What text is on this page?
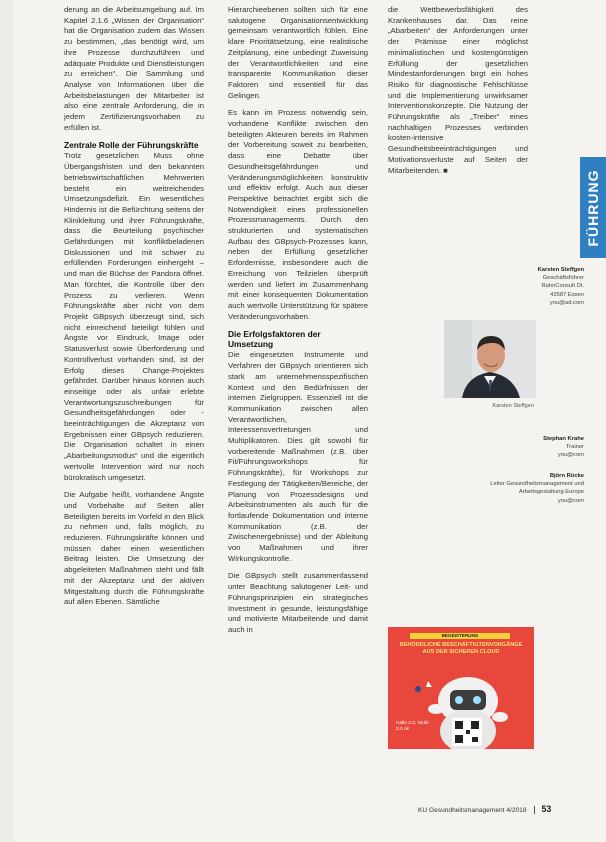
derung an die Arbeitsumgebung auf. Im Kapitel 2.1.6 „Wissen der Organisation“ hat die Organisation zudem das Wissen zu bestimmen, „das benötigt wird, um ihre Prozesse durchzuführen und adäquate Produkte und Dienstleistungen zu erreichen“. Die Sammlung und Analyse von Informationen über die Arbeitsbelastungen der Mitarbeiter ist also eine zentrale Anforderung, die in jedem Zertifizierungsvorhaben zu erfüllen ist.

Zentrale Rolle der Führungskräfte

Trotz gesetzlichen Muss ohne Übergangsfristen und den bekannten betriebswirtschaftlichen Mehrwerten besteht ein weitreichendes Umsetzungsdefizit. Ein wesentliches Hindernis ist die Befürchtung seitens der Klinikleitung und ihrer Führungskräfte, dass die Beurteilung psychischer Gefährdungen mit konfliktbeladenen Diskussionen und mit schwer zu erfüllenden Forderungen einhergeht – und man die Büchse der Pandora öffnet. Man fürchtet, die Kontrolle über den Prozess zu verlieren. Wenn Führungskräfte aber nicht von dem Projekt GBpsych überzeugt sind, sich nicht einreichend beteiligt fühlen und Ängste vor Eindruck, Image oder Statusverlust sowie Überforderung und Kontrollverlust vorhanden sind, ist der Erfolg dieses Change-Projektes gefährdet. Darüber hinaus können auch einseitige oder als unfair erlebte Verantwortungszuschreibungen für Gesundheitsgefährdungen oder -beeinträchtigungen die Akzeptanz von Ergebnissen einer GBpsych reduzieren. Die Organisation schaltet in einen „Abarbeitungsmodus“ und die eigentlich wertvolle Intervention wird nur noch bürokratisch umgesetzt.

Die Aufgabe heißt, vorhandene Ängste und Vorbehalte auf Seiten aller Beteiligten bereits im Vorfeld in den Blick zu nehmen und, falls möglich, zu reduzieren. Führungskräfte können und müssen daher einen wesentlichen Beitrag leisten. Die Umsetzung der abgeleiteten Maßnahmen steht und fällt mit der Akzeptanz und der aktiven Mitgestaltung durch die Führungskräfte auf allen Ebenen. Sämtliche

Hierarchieebenen sollten sich für eine salutogene Organisationsentwicklung gemeinsam verantwortlich fühlen. Eine klare Prioritätsetzung, eine realistische Zeitplanung, eine unbedingt Zuweisung der Verantwortlichkeiten und eine transparente Kommunikation dieser Faktoren sind essentiell für das Gelingen.

Es kann im Prozess notwendig sein, vorhandene Konflikte zwischen den beteiligten Akteuren bereits im Rahmen der Vorbereitung soweit zu bearbeiten, dass eine Debatte über Gesundheitsgefährdungen und Veränderungsmöglichkeiten konstruktiv und effektiv erfolgt. Auch aus dieser Perspektive betrachtet ergibt sich die Notwendigkeit eines professionellen Prozessmanagements. Durch den strukturierten und systematischen Aufbau des GBpsych-Prozesses kann, neben der Erfüllung gesetzlicher Erfordernisse, insbesondere auch die Erreichung von Teilzielen überprüft werden und liefert im Zusammenhang mit einer konsequenten Dokumentation auch wertvolle Unterstützung für spätere Veränderungsvorhaben.

Die Erfolgsfaktoren der Umsetzung

Die eingesetzten Instrumente und Verfahren der GBpsych orientieren sich stark am unternehmensspezifischen Kontext und den Bedürfnissen der internen Zielgruppen. Essenziell ist die Kommunikation zwischen allen Verantwortlichen, Interessensvertretungen und Multiplikatoren. Dies gilt sowohl für vorbereitende Maßnahmen (z.B. über Fit/Führungsworkshops für Führungskräfte), für Workshops zur Festlegung der Tätigkeiten/Bereiche, der Planung von Prozessdesigns und Arbeitsinstrumenten als auch für die fortlaufende Dokumentation und interne Kommunikation (z.B. der Zwischenergebnisse) und der Ableitung von Maßnahmen und ihrer Wirkungskontrolle.

Die GBpsych stellt zusammenfassend unter Beachtung salutogener Leit- und Führungsprinzipien ein strategisches Investment in gesunde, leistungsfähige und motivierte Mitarbeitende und damit auch in

die Wettbewerbsfähigkeit des Krankenhauses dar. Das reine „Abarbeiten“ der Anforderungen unter der Prämisse einer möglichst minimalistischen und kostengünstigen Erfüllung der gesetzlichen Mindestanforderungen birgt ein hohes Risiko für diagnostische Fehlschlüsse und die Implementierung unwirksamer Interventionskonzepte. Die Nutzung der Führungskräfte als „Treiber“ eines nachhaltigen Prozesses verbinden kosten-intensive Gesundheitsbeeinträchtigungen und Motivationsverluste auf Seiten der Mitarbeitenden. ■	FÜHRUNG
Karsten Steffgen
Geschäftsführer
RahnConsult Dt.
43587 Essen
you@ad.com
Karsten Steffgen
Stephan Krahe
Trainer
you@com
Björn Rücke
Leiter Gesundheitsmanagement und
Arbeitsgestaltung Europe
you@com
BEGEISTERUNG
BEHÖRDLICHE BESCHÄFTIGTENVORGÄNGE AUS DER SICHEREN CLOUD
Hallo 2.0, Stufe 3.0 ok
KU Gesundheitsmanagement 4/2018 53
